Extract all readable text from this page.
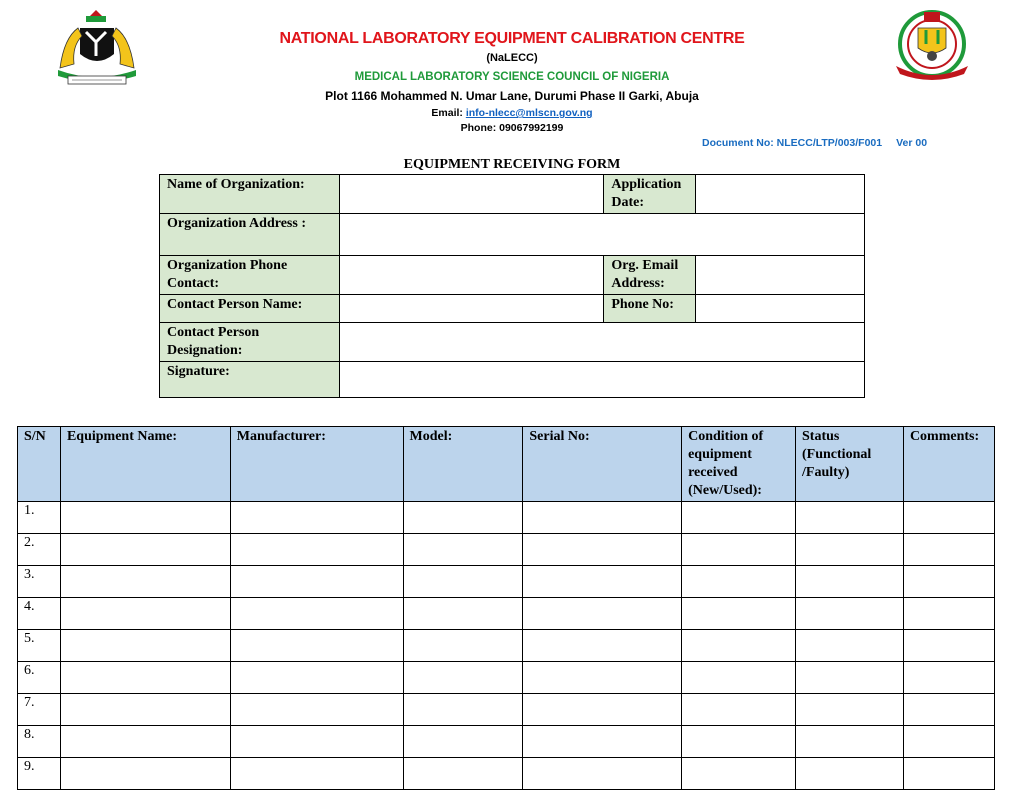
NATIONAL LABORATORY EQUIPMENT CALIBRATION CENTRE
(NaLECC)
MEDICAL LABORATORY SCIENCE COUNCIL OF NIGERIA
Plot 1166 Mohammed N. Umar Lane, Durumi Phase II Garki, Abuja
Email: info-nlecc@mlscn.gov.ng
Phone: 09067992199
Document No: NLECC/LTP/003/F001 Ver 00
EQUIPMENT RECEIVING FORM
Name of Organization:		Application Date:	
Organization Address :			
Organization Phone Contact:		Org. Email Address:	
Contact Person Name:		Phone No:	
Contact Person Designation:			
Signature:			
S/N	Equipment Name:	Manufacturer:	Model:	Serial No:	Condition of equipment received (New/Used):	Status (Functional /Faulty)	Comments:
1.							
2.							
3.							
4.							
5.							
6.							
7.							
8.							
9.							
